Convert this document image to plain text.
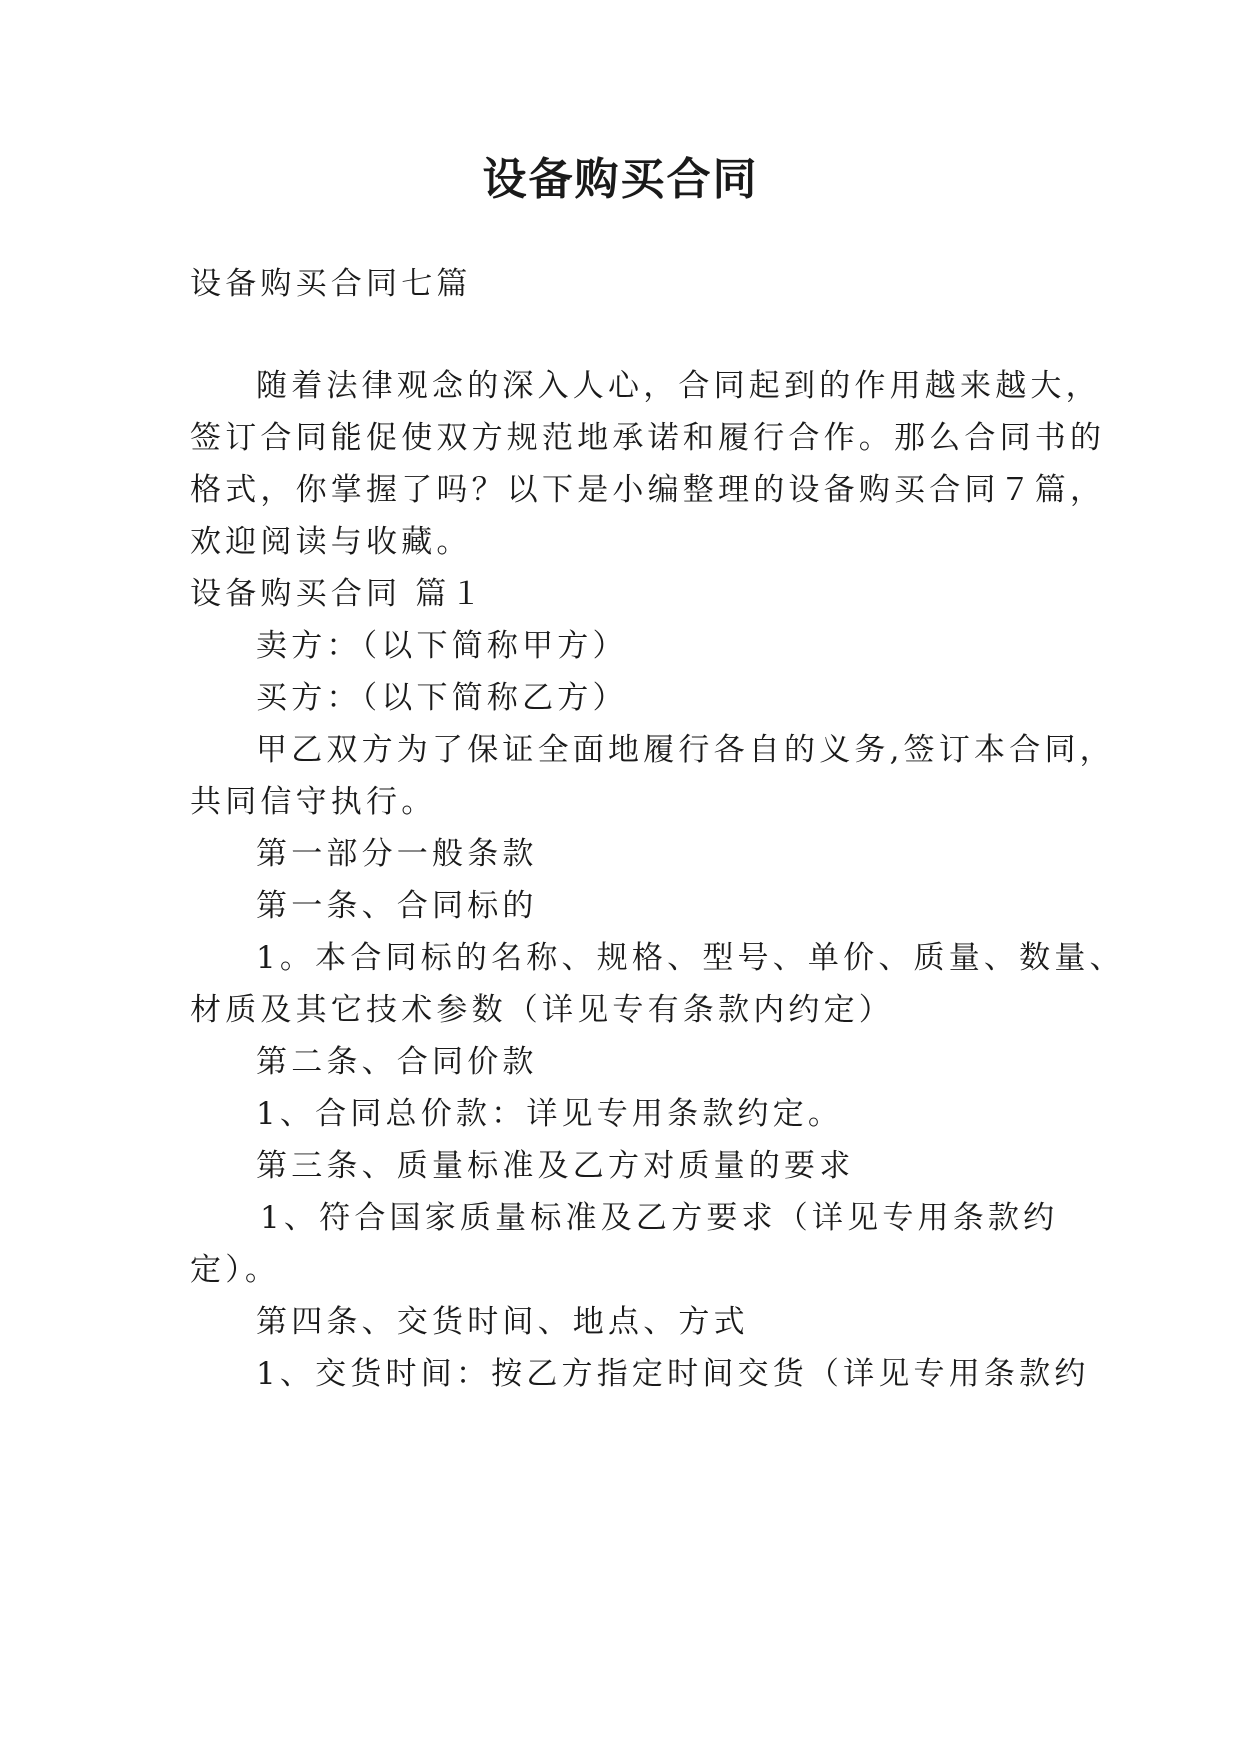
设备购买合同

设备购买合同七篇

随着法律观念的深入人心，合同起到的作用越来越大，

签订合同能促使双方规范地承诺和履行合作。那么合同书的

格式，你掌握了吗？以下是小编整理的设备购买合同７篇，

欢迎阅读与收藏。

设备购买合同 篇１

卖方：（以下简称甲方）

买方：（以下简称乙方）

甲乙双方为了保证全面地履行各自的义务,签订本合同，

共同信守执行。

第一部分一般条款

第一条、合同标的

1。本合同标的名称、规格、型号、单价、质量、数量、

材质及其它技术参数（详见专有条款内约定）

第二条、合同价款

1、合同总价款：详见专用条款约定。

第三条、质量标准及乙方对质量的要求

1、符合国家质量标准及乙方要求（详见专用条款约

定）。

第四条、交货时间、地点、方式

1、交货时间：按乙方指定时间交货（详见专用条款约
